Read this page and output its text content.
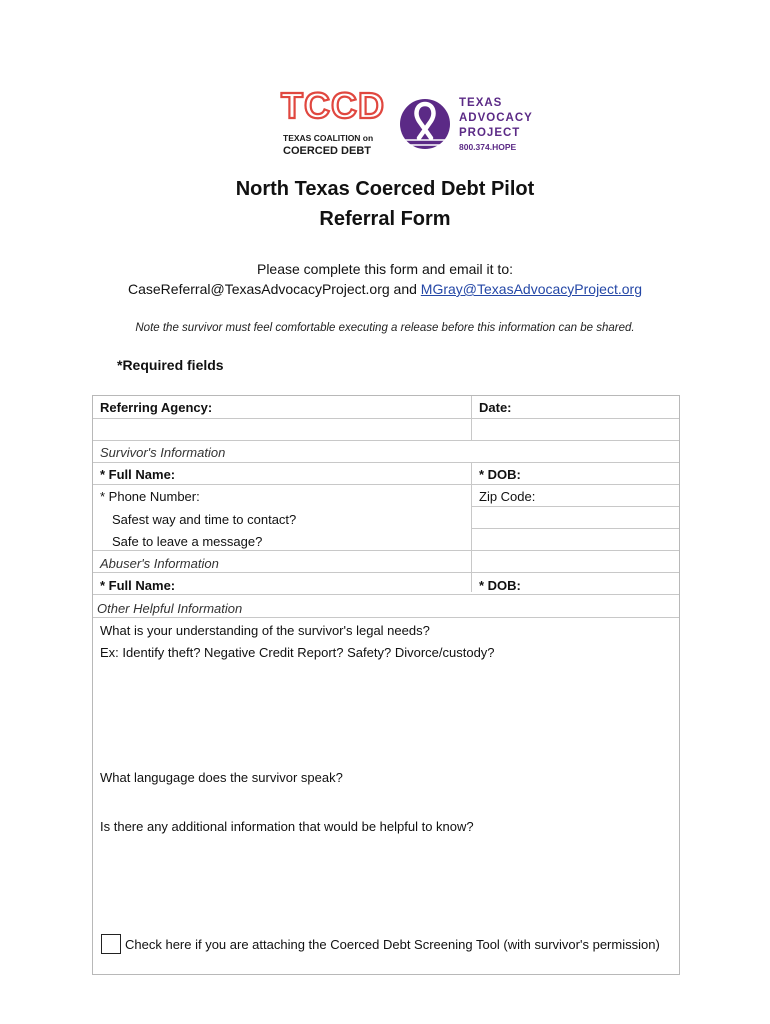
TCCD
TEXAS COALITION on
COERCED DEBT
TEXAS
ADVOCACY
PROJECT
800.374.HOPE
North Texas Coerced Debt Pilot
Referral Form
Please complete this form and email it to:
CaseReferral@TexasAdvocacyProject.org and MGray@TexasAdvocacyProject.org
Note the survivor must feel comfortable executing a release before this information can be shared.
*Required fields
Referring Agency:	Date:
Survivor's Information
* Full Name:	* DOB:
* Phone Number:	Zip Code:
Safest way and time to contact?
Safe to leave a message?
Abuser's Information
* Full Name:	* DOB:
Other Helpful Information
What is your understanding of the survivor's legal needs?
Ex: Identify theft? Negative Credit Report? Safety? Divorce/custody?
What langugage does the survivor speak?
Is there any additional information that would be helpful to know?
Check here if you are attaching the Coerced Debt Screening Tool (with survivor's permission)
